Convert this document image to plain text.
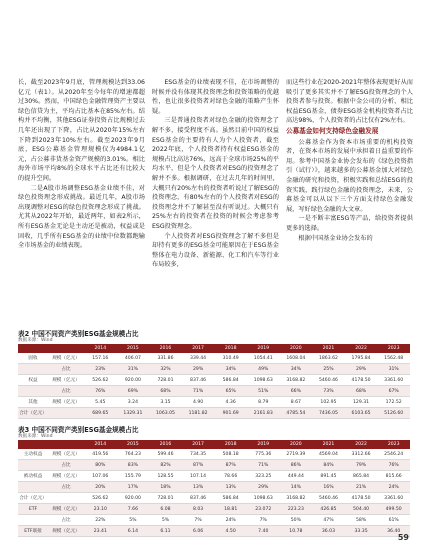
长，截至2023年9月底，管理规模达到33.06亿元（表1）。从2020年至今每年的增速都超过30%。然而，中国绿色金融管理资产主要以绿色信贷为主，平均占比基本在85%左右。结构并不均衡，其他ESG证券投资占比规模过去几年还出现了下降，占比从2020年15%左右下降到2023年10%左右。截至2023年9月底，ESG公募基金管理规模仅为4984.1亿元，占公募非货基金资产规模的3.01%。相比海外市场平均8%的全球水平占比还有比较大的提升空间。

二是A股市场调整ESG基金业绩不佳，对绿色投资理念形成挑战。最近几年，A股市场出现调整对ESG的绿色投资理念形成了挑战。尤其从2022年开始，最近两年，如表2所示，所有ESG基金无论是主动还是被动，权益或是固收，几乎所有ESG基金的业绩中位数都跑输全市场基金的业绩表现。

ESG基金的业绩表现不佳，在市场调整的时候并没有体现其投资理念和投资策略的优越性，也让很多投资者对绿色金融的策略产生怀疑。

三是普通投资者对绿色金融的投资理念了解不多，接受程度不高。虽然目前中国的权益ESG基金的主要持有人为个人投资者，截至2022年底，个人投资者持有权益ESG基金的规模占比高达76%，远高于全球市场25%的平均水平，但是个人投资者对ESG的投资理念了解并不多。根据调研，在过去几年的时间里，大概只有20%左右的投资者听说过了解ESG的投资理念，有80%左右的个人投资者对ESG的投资理念并不了解甚至没有听说过。大概只有25%左右的投资者在投资的时候会考虑参考ESG投资理念。

个人投资者对ESG投资理念了解不多但是却持有更多的ESG基金可能原因在于ESG基金整体在电力设备、新能源、化工和汽车等行业布局较多，

而这些行业在2020-2021年整体表现更好从而吸引了更多其实并不了解ESG投资理念的个人投资者参与投资。根据中金公司的分析，相比权益ESG基金，债券ESG基金机构投资者占比高达98%，个人投资者的占比仅有2%左右。

公募基金如何支持绿色金融发展

公募基金作为资本市场重要的机构投资者，在资本市场的发展中承担着日益重要的作用。参考中国基金业协会发布的《绿色投资指引（试行）》，越来越多的公募基金加大对绿色金融的研究和投资，积极实践和总结ESG的投资实践，践行绿色金融的投资理念，未来，公募基金可以从以下三个方面支持绿色金融发展，写好绿色金融的大文章。

一是不断丰富ESG等产品，给投资者提供更多的选择。

根据中国基金业协会发布的

表2 中国不同资产类别ESG基金规模占比
数据来源：Wind
		2014	2015	2016	2017	2018	2019	2020	2021	2022	2023
固收	规模（亿元）	157.16	406.07	331.86	339.44	310.49	1054.41	1608.04	1863.62	1795.84	1562.48
	占比	23%	31%	32%	29%	34%	49%	34%	25%	29%	31%
权益	规模（亿元）	526.62	920.00	728.01	837.46	586.84	1098.63	3168.82	5460.46	4178.50	3361.60
	占比	76%	69%	68%	71%	65%	51%	66%	73%	68%	67%
其他	规模（亿元）	5.45	3.24	3.15	4.90	4.36	8.79	8.67	102.95	129.31	172.52
合计（亿元）		689.65	1329.31	1063.05	1181.82	901.69	2161.83	4785.54	7436.05	6103.65	5126.60
表3 中国不同资产类别ESG基金规模占比
数据来源：Wind
		2014	2015	2016	2017	2018	2019	2020	2021	2022	2023
主动权益	规模（亿元）	419.56	764.23	599.46	734.35	508.18	775.36	2719.39	4569.04	3312.66	2546.24
	占比	80%	83%	82%	87%	87%	71%	86%	84%	79%	76%
被动权益	规模（亿元）	107.06	155.79	128.55	107.14	78.66	323.25	449.44	891.45	865.84	815.66
	占比	20%	17%	18%	13%	13%	29%	14%	16%	21%	24%
合计（亿元）		526.62	920.00	728.01	837.46	586.84	1098.63	3168.82	5460.46	4178.50	3361.60
ETF	规模（亿元）	23.10	7.66	6.08	8.03	18.81	23.072	223.23	426.85	504.40	499.50
	占比	22%	5%	5%	7%	24%	7%	50%	47%	58%	61%
ETF联接	规模（亿元）	23.41	6.14	6.11	6.06	4.50	7.40	10.78	36.03	33.35	36.40
59
